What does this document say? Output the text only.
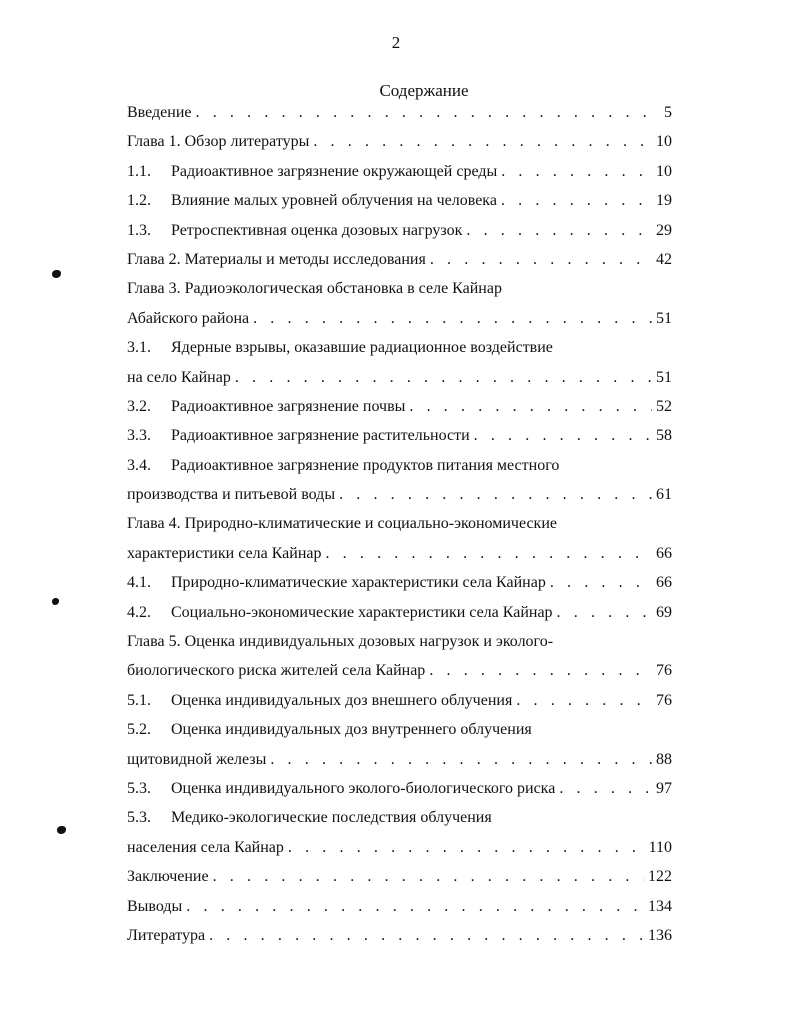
2
Содержание
Введение . . .	5
Глава 1. Обзор литературы . . .	10
1.1.	Радиоактивное загрязнение окружающей среды . . .	10
1.2.	Влияние малых уровней облучения на человека . . .	19
1.3.	Ретроспективная оценка дозовых нагрузок . . .	29
Глава 2. Материалы и методы исследования . . .	42
Глава 3. Радиоэкологическая обстановка в селе Кайнар
Абайского района . . .	51
3.1.	Ядерные взрывы, оказавшие радиационное воздействие
на село Кайнар . . .	51
3.2.	Радиоактивное загрязнение почвы . . .	52
3.3.	Радиоактивное загрязнение растительности . . .	58
3.4.	Радиоактивное загрязнение продуктов питания местного
производства и питьевой воды . . .	61
Глава 4. Природно-климатические и социально-экономические
характеристики села Кайнар . . .	66
4.1.	Природно-климатические характеристики села Кайнар . . .	66
4.2.	Социально-экономические характеристики села Кайнар . . .	69
Глава 5. Оценка индивидуальных дозовых нагрузок и эколого-
биологического риска жителей села Кайнар . . .	76
5.1.	Оценка индивидуальных доз внешнего облучения . . .	76
5.2.	Оценка индивидуальных доз внутреннего облучения
щитовидной железы . . .	88
5.3.	Оценка индивидуального эколого-биологического риска . . .	97
5.3.	Медико-экологические последствия облучения
населения села Кайнар . . .	110
Заключение . . .	122
Выводы . . .	134
Литература . . .	136
